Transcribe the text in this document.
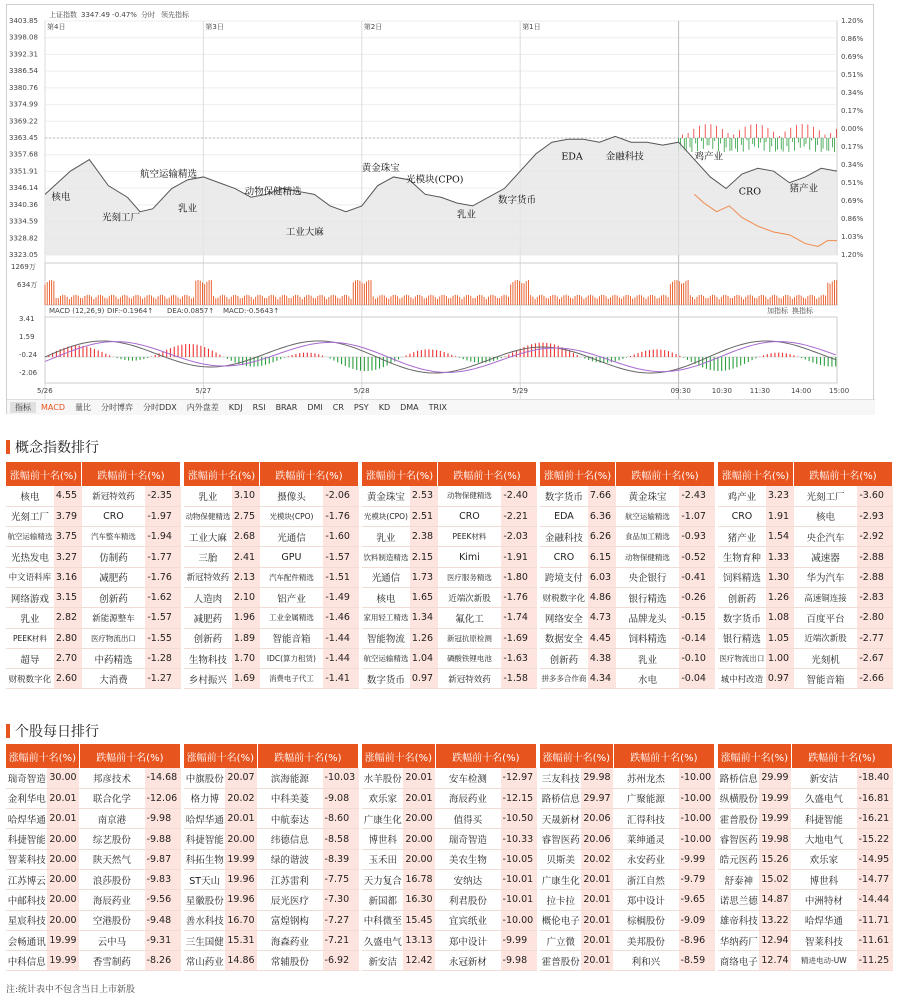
上证指数 3347.49 -0.47% 分时 领先指标
3403.85
3398.08
3392.31
3386.54
3380.76
3374.99
3369.22
3363.45
3357.68
3351.91
3346.14
3340.36
3334.59
3328.82
3323.05
1.20%
0.86%
0.69%
0.51%
0.34%
0.17%
0.00%
0.17%
0.34%
0.51%
0.69%
0.86%
1.03%
1.20%
第4日	第3日	第2日	第1日
核电
光刻工厂
航空运输精选
乳业
动物保健精选
工业大麻
黄金珠宝
光模块(CPO)
乳业
数字货币
EDA 金融科技	鸡产业
CRO	猪产业
1269万
634万
MACD (12,26,9) DIF:-0.1964↑ DEA:0.0857↑ MACD:-0.5643↑	加指标 换指标
3.41
1.59
-0.24
-2.06
5/26	5/27	5/28	5/29	09:30	10:30	11:30	14:00	15:00
指标	MACD	量比	分时博弈	分时DDX	内外盘差	KDJ	RSI	BRAR	DMI	CR	PSY	KD	DMA	TRIX
概念指数排行
涨幅前十名(%)		跌幅前十名(%)	
核电	4.55	新冠特效药	-2.35
光刻工厂	3.79	CRO	-1.97
航空运输精选	3.75	汽车整车精选	-1.94
光热发电	3.27	仿制药	-1.77
中文语料库	3.16	减肥药	-1.76
网络游戏	3.15	创新药	-1.62
乳业	2.82	新能源整车	-1.57
PEEK材料	2.80	医疗物流出口	-1.55
超导	2.70	中药精选	-1.28
财税数字化	2.60	大消费	-1.27
涨幅前十名(%)		跌幅前十名(%)	
乳业	3.10	摄像头	-2.06
动物保健精选	2.75	光模块(CPO)	-1.76
工业大麻	2.68	光通信	-1.60
三胎	2.41	GPU	-1.57
新冠特效药	2.13	汽车配件精选	-1.51
人造肉	2.10	铝产业	-1.49
减肥药	1.96	工业金属精选	-1.46
创新药	1.89	智能音箱	-1.44
生物科技	1.70	IDC(算力租赁)	-1.44
乡村振兴	1.69	消费电子代工	-1.41
涨幅前十名(%)		跌幅前十名(%)	
黄金珠宝	2.53	动物保健精选	-2.40
光模块(CPO)	2.51	CRO	-2.21
乳业	2.38	PEEK材料	-2.03
饮料制造精选	2.15	Kimi	-1.91
光通信	1.73	医疗服务精选	-1.80
核电	1.65	近端次新股	-1.76
家用轻工精选	1.34	氟化工	-1.74
智能物流	1.26	新冠抗原检测	-1.69
航空运输精选	1.04	磷酸铁锂电池	-1.63
数字货币	0.97	新冠特效药	-1.58
涨幅前十名(%)		跌幅前十名(%)	
数字货币	7.66	黄金珠宝	-2.43
EDA	6.36	航空运输精选	-1.07
金融科技	6.26	食品加工精选	-0.93
CRO	6.15	动物保健精选	-0.52
跨境支付	6.03	央企银行	-0.41
财税数字化	4.86	银行精选	-0.26
网络安全	4.73	品牌龙头	-0.15
数据安全	4.45	饲料精选	-0.14
创新药	4.38	乳业	-0.10
拼多多合作商	4.34	水电	-0.04
涨幅前十名(%)		跌幅前十名(%)	
鸡产业	3.23	光刻工厂	-3.60
CRO	1.91	核电	-2.93
猪产业	1.54	央企汽车	-2.92
生物育种	1.33	减速器	-2.88
饲料精选	1.30	华为汽车	-2.88
创新药	1.26	高速铜连接	-2.83
数字货币	1.08	百度平台	-2.80
银行精选	1.05	近端次新股	-2.77
医疗物流出口	1.00	光刻机	-2.67
城中村改造	0.97	智能音箱	-2.66
个股每日排行
涨幅前十名(%)		跌幅前十名(%)	
瑞奇智造	30.00	邦彦技术	-14.68
金利华电	20.01	联合化学	-12.06
哈焊华通	20.01	南京港	-9.98
科捷智能	20.00	综艺股份	-9.88
智莱科技	20.00	陕天然气	-9.87
江苏博云	20.00	浪莎股份	-9.83
中邮科技	20.00	海辰药业	-9.56
星宸科技	20.00	空港股份	-9.48
会畅通讯	19.99	云中马	-9.31
中科信息	19.99	香雪制药	-8.26
涨幅前十名(%)		跌幅前十名(%)	
中旗股份	20.07	滨海能源	-10.03
格力博	20.02	中科美菱	-9.08
哈焊华通	20.01	中航泰达	-8.60
科捷智能	20.00	纬德信息	-8.58
科拓生物	19.99	绿的谐波	-8.39
ST天山	19.96	江苏雷利	-7.75
星徽股份	19.96	辰光医疗	-7.30
善水科技	16.70	富煌钢构	-7.27
三生国健	15.31	海森药业	-7.21
常山药业	14.86	常辅股份	-6.92
涨幅前十名(%)		跌幅前十名(%)	
水羊股份	20.01	安车检测	-12.97
欢乐家	20.01	海辰药业	-12.15
广康生化	20.00	值得买	-10.50
博世科	20.00	瑞奇智造	-10.33
玉禾田	20.00	美农生物	-10.05
天力复合	16.78	安纳达	-10.01
新国都	16.30	利君股份	-10.01
中科微至	15.45	宜宾纸业	-10.00
久盛电气	13.13	郑中设计	-9.99
新安洁	12.42	永冠新材	-9.98
涨幅前十名(%)		跌幅前十名(%)	
三友科技	29.98	苏州龙杰	-10.00
路桥信息	29.97	广聚能源	-10.00
天晟新材	20.06	汇得科技	-10.00
睿智医药	20.06	莱绅通灵	-10.00
贝斯美	20.02	永安药业	-9.99
广康生化	20.01	浙江自然	-9.79
拉卡拉	20.01	郑中设计	-9.65
概伦电子	20.01	棕榈股份	-9.09
广立微	20.01	美邦股份	-8.96
霍普股份	20.01	利和兴	-8.59
涨幅前十名(%)		跌幅前十名(%)	
路桥信息	29.99	新安洁	-18.40
纵横股份	19.99	久盛电气	-16.81
霍普股份	19.99	科捷智能	-16.21
睿智医药	19.98	大地电气	-15.22
皓元医药	15.26	欢乐家	-14.95
舒泰神	15.02	博世科	-14.77
诺思兰德	14.87	中洲特材	-14.44
雄帝科技	13.22	哈焊华通	-11.71
华纳药厂	12.94	智莱科技	-11.61
商络电子	12.74	精进电动-UW	-11.25
注:统计表中不包含当日上市新股
